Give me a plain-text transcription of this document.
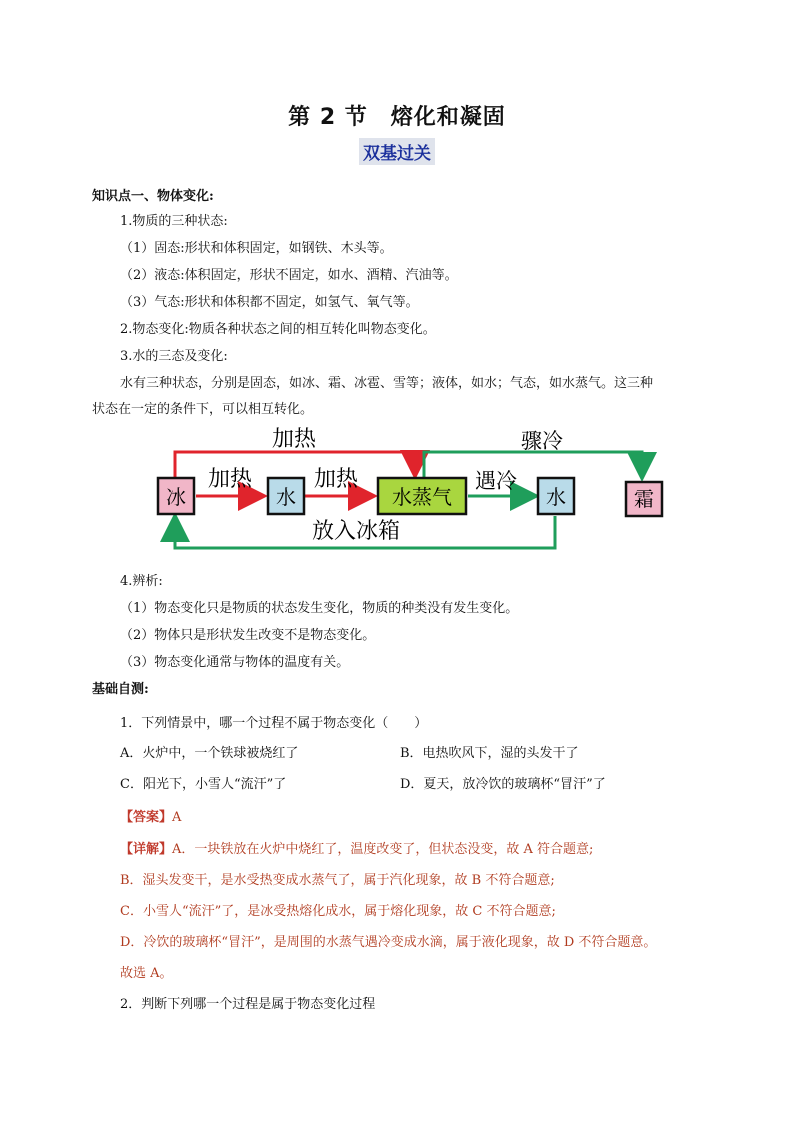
第 2 节　熔化和凝固
双基过关
知识点一、物体变化:
1.物质的三种状态:
（1）固态:形状和体积固定，如钢铁、木头等。
（2）液态:体积固定，形状不固定，如水、酒精、汽油等。
（3）气态:形状和体积都不固定，如氢气、氧气等。
2.物态变化:物质各种状态之间的相互转化叫物态变化。
3.水的三态及变化:
水有三种状态，分别是固态，如冰、霜、冰雹、雪等；液体，如水；气态，如水蒸气。这三种
状态在一定的条件下，可以相互转化。
冰	水	水蒸气	水	霜
加热
加热	加热	遇冷
骤冷
放入冰箱
4.辨析:
（1）物态变化只是物质的状态发生变化，物质的种类没有发生变化。
（2）物体只是形状发生改变不是物态变化。
（3）物态变化通常与物体的温度有关。
基础自测:
1．下列情景中，哪一个过程不属于物态变化（　　）
A．火炉中，一个铁球被烧红了	B．电热吹风下，湿的头发干了
C．阳光下，小雪人“流汗”了	D．夏天，放冷饮的玻璃杯“冒汗”了
【答案】A
【详解】A．一块铁放在火炉中烧红了，温度改变了，但状态没变，故 A 符合题意;
B．湿头发变干，是水受热变成水蒸气了，属于汽化现象，故 B 不符合题意;
C．小雪人“流汗”了，是冰受热熔化成水，属于熔化现象，故 C 不符合题意;
D．冷饮的玻璃杯“冒汗”，是周围的水蒸气遇冷变成水滴，属于液化现象，故 D 不符合题意。
故选 A。
2．判断下列哪一个过程是属于物态变化过程
